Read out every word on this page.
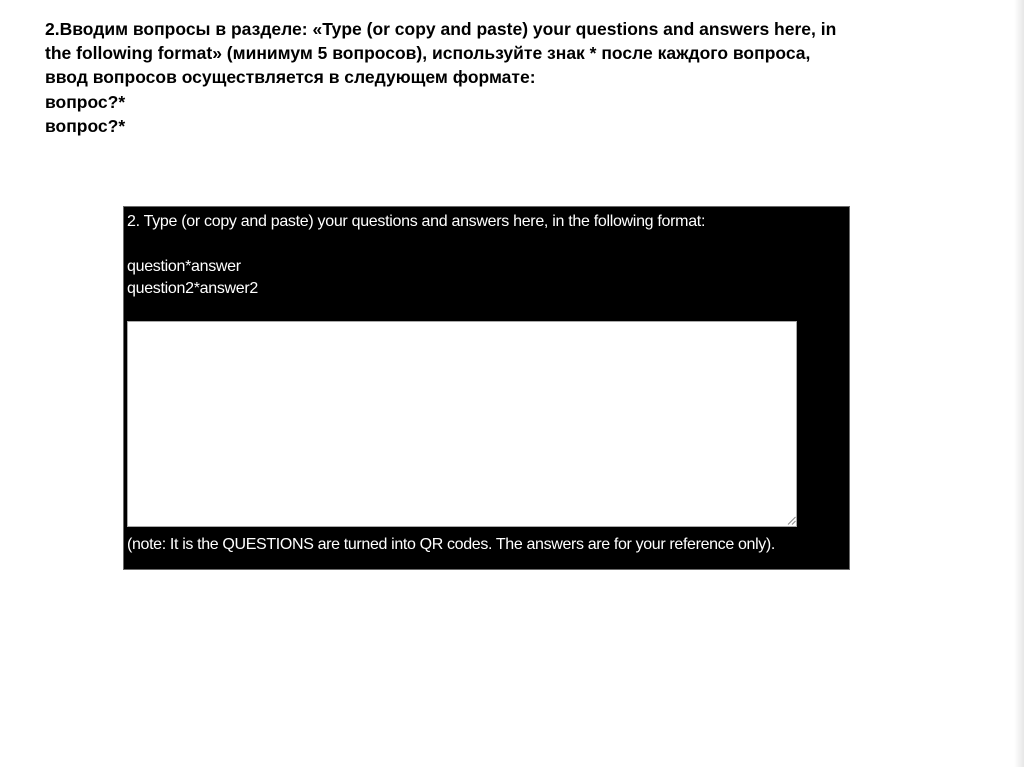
2.Вводим вопросы в разделе: «Type (or copy and paste) your questions and answers here, in
the following format» (минимум 5 вопросов), используйте знак * после каждого вопроса,
ввод вопросов осуществляется в следующем формате:
вопрос?*
вопрос?*
2. Type (or copy and paste) your questions and answers here, in the following format:
question*answer
question2*answer2
(note: It is the QUESTIONS are turned into QR codes. The answers are for your reference only).
